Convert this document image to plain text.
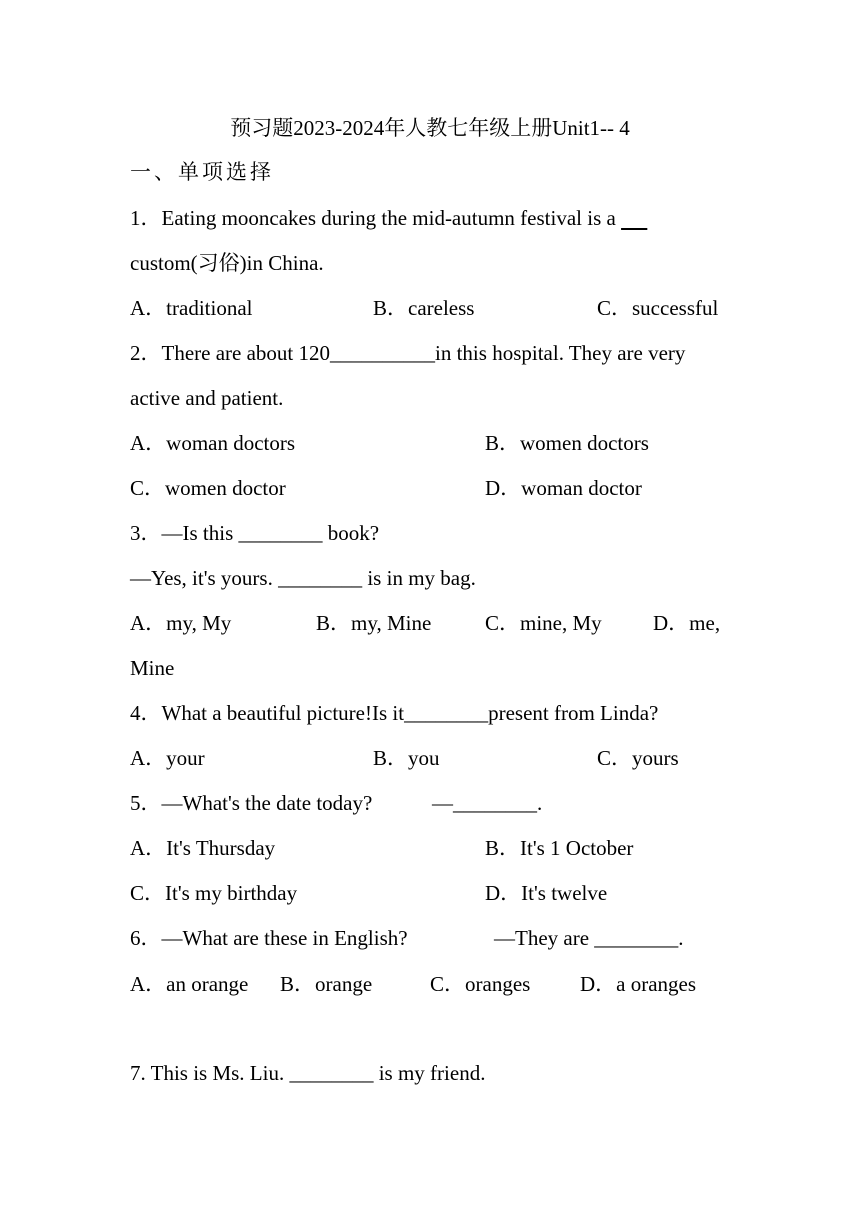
预习题2023-2024年人教七年级上册Unit1-- 4
一、单项选择
1．Eating mooncakes during the mid-autumn festival is a
custom(习俗)in China.
A．traditional	B．careless	C．successful
2．There are about 120__________in this hospital. They are very
active and patient.
A．woman doctors	B．women doctors
C．women doctor	D．woman doctor
3．—Is this ________ book?
—Yes, it's yours. ________ is in my bag.
A．my, My	B．my, Mine	C．mine, My D．me,
Mine
4．What a beautiful picture!Is it________present from Linda?
A．your	B．you	C．yours
5．—What's the date today?	—________.
A．It's Thursday	B．It's 1 October
C．It's my birthday	D．It's twelve
6．—What are these in English?	—They are ________.
A．an orange B．orange	C．oranges D．a oranges
7. This is Ms. Liu. ________ is my friend.
